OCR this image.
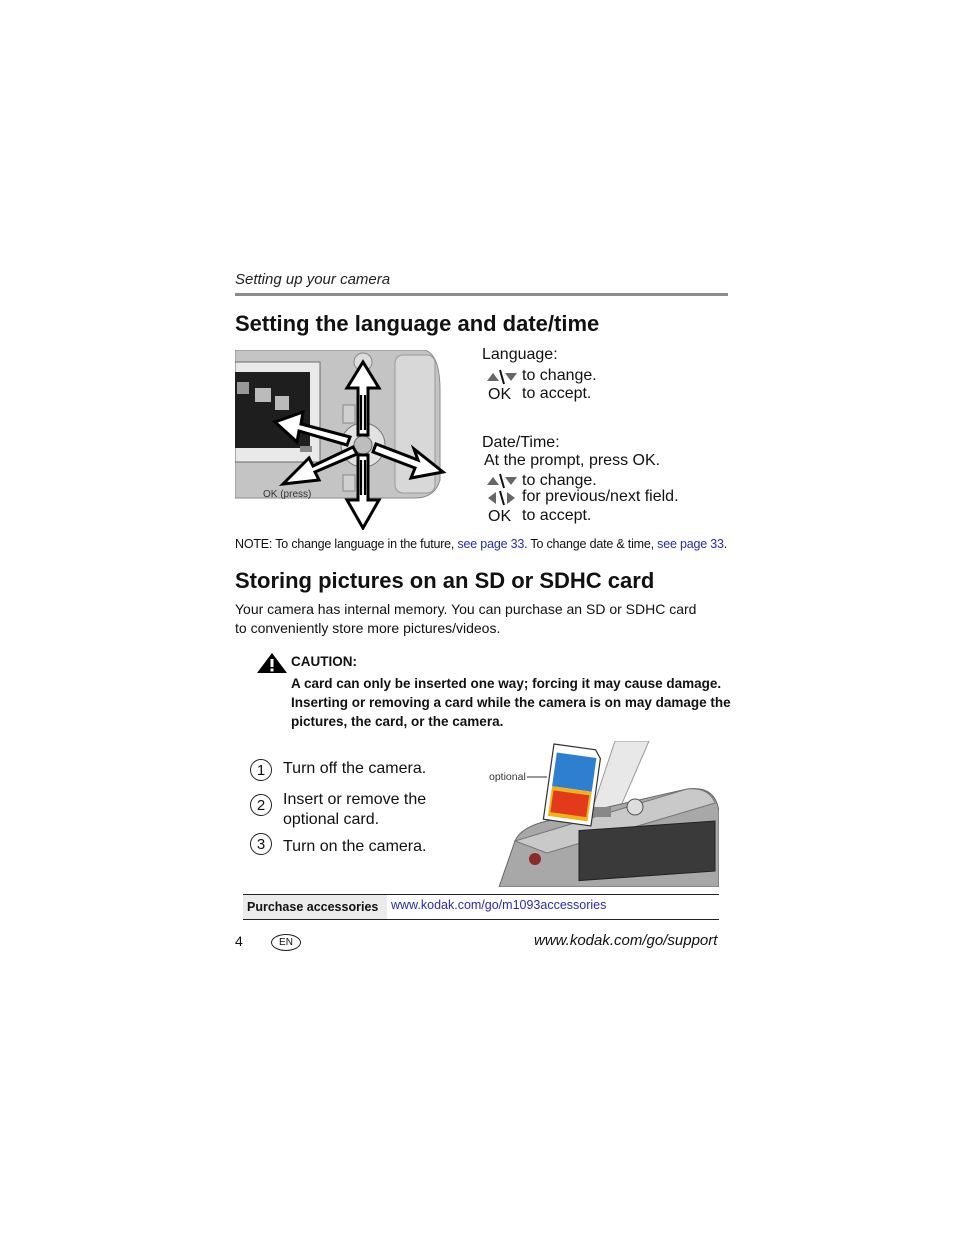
Setting up your camera
Setting the language and date/time
OK (press)
Language:
to change.
OK to accept.
Date/Time:
At the prompt, press OK.
to change.
for previous/next field.
OK to accept.
NOTE: To change language in the future, see page 33. To change date & time, see page 33.
Storing pictures on an SD or SDHC card
Your camera has internal memory. You can purchase an SD or SDHC card to conveniently store more pictures/videos.
CAUTION:
A card can only be inserted one way; forcing it may cause damage. Inserting or removing a card while the camera is on may damage the pictures, the card, or the camera.
1	Turn off the camera.
2	Insert or remove the optional card.
3	Turn on the camera.
optional
Purchase accessories	www.kodak.com/go/m1093accessories
4	EN	www.kodak.com/go/support
